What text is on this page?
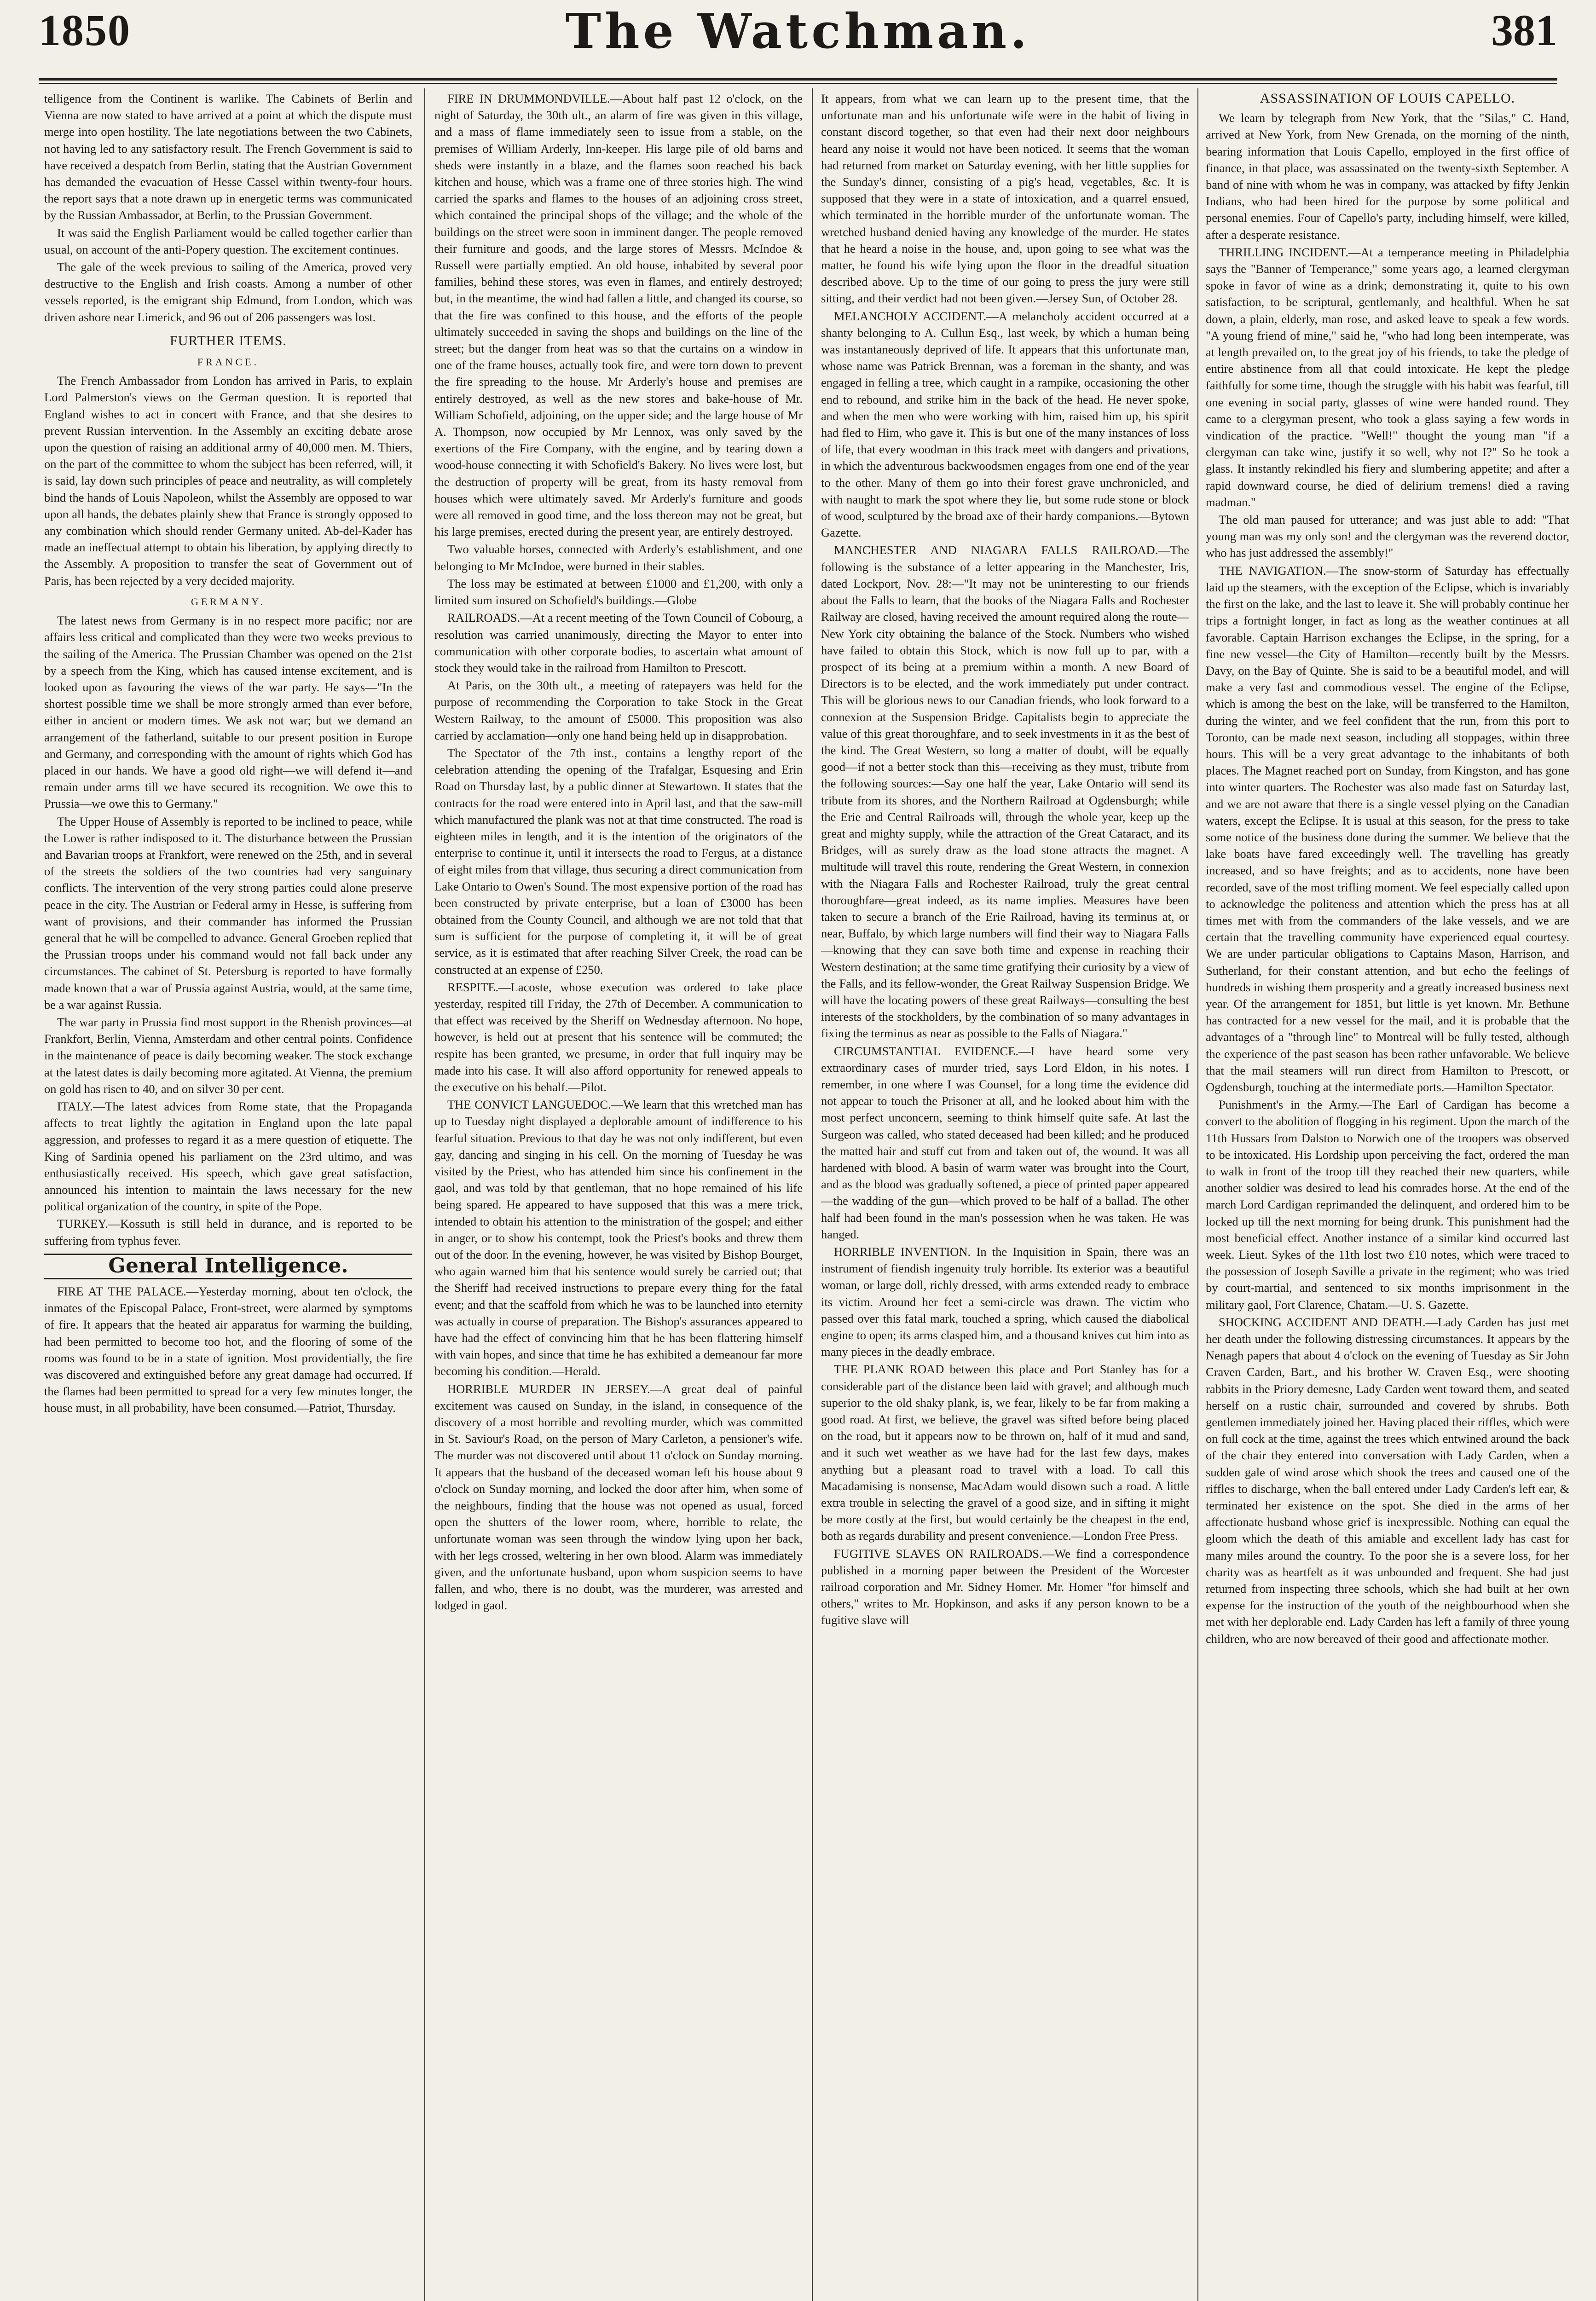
1850	The Watchman.	381

telligence from the Continent is warlike. The Cabinets of Berlin and Vienna are now stated to have arrived at a point at which the dispute must merge into open hostility. The late negotiations between the two Cabinets, not having led to any satisfactory result. The French Government is said to have received a despatch from Berlin, stating that the Austrian Government has demanded the evacuation of Hesse Cassel within twenty-four hours. the report says that a note drawn up in energetic terms was communicated by the Russian Ambassador, at Berlin, to the Prussian Government.

It was said the English Parliament would be called together earlier than usual, on account of the anti-Popery question. The excitement continues.

The gale of the week previous to sailing of the America, proved very destructive to the English and Irish coasts. Among a number of other vessels reported, is the emigrant ship Edmund, from London, which was driven ashore near Limerick, and 96 out of 206 passengers was lost.

FURTHER ITEMS.
FRANCE.

The French Ambassador from London has arrived in Paris, to explain Lord Palmerston's views on the German question. It is reported that England wishes to act in concert with France, and that she desires to prevent Russian intervention. In the Assembly an exciting debate arose upon the question of raising an additional army of 40,000 men. M. Thiers, on the part of the committee to whom the subject has been referred, will, it is said, lay down such principles of peace and neutrality, as will completely bind the hands of Louis Napoleon, whilst the Assembly are opposed to war upon all hands, the debates plainly shew that France is strongly opposed to any combination which should render Germany united. Ab-del-Kader has made an ineffectual attempt to obtain his liberation, by applying directly to the Assembly. A proposition to transfer the seat of Government out of Paris, has been rejected by a very decided majority.

GERMANY.

The latest news from Germany is in no respect more pacific; nor are affairs less critical and complicated than they were two weeks previous to the sailing of the America. The Prussian Chamber was opened on the 21st by a speech from the King, which has caused intense excitement, and is looked upon as favouring the views of the war party. He says—"In the shortest possible time we shall be more strongly armed than ever before, either in ancient or modern times. We ask not war; but we demand an arrangement of the fatherland, suitable to our present position in Europe and Germany, and corresponding with the amount of rights which God has placed in our hands. We have a good old right—we will defend it—and remain under arms till we have secured its recognition. We owe this to Prussia—we owe this to Germany."

The Upper House of Assembly is reported to be inclined to peace, while the Lower is rather indisposed to it. The disturbance between the Prussian and Bavarian troops at Frankfort, were renewed on the 25th, and in several of the streets the soldiers of the two countries had very sanguinary conflicts. The intervention of the very strong parties could alone preserve peace in the city. The Austrian or Federal army in Hesse, is suffering from want of provisions, and their commander has informed the Prussian general that he will be compelled to advance. General Groeben replied that the Prussian troops under his command would not fall back under any circumstances. The cabinet of St. Petersburg is reported to have formally made known that a war of Prussia against Austria, would, at the same time, be a war against Russia.

The war party in Prussia find most support in the Rhenish provinces—at Frankfort, Berlin, Vienna, Amsterdam and other central points. Confidence in the maintenance of peace is daily becoming weaker. The stock exchange at the latest dates is daily becoming more agitated. At Vienna, the premium on gold has risen to 40, and on silver 30 per cent.

ITALY.—The latest advices from Rome state, that the Propaganda affects to treat lightly the agitation in England upon the late papal aggression, and professes to regard it as a mere question of etiquette. The King of Sardinia opened his parliament on the 23rd ultimo, and was enthusiastically received. His speech, which gave great satisfaction, announced his intention to maintain the laws necessary for the new political organization of the country, in spite of the Pope.

TURKEY.—Kossuth is still held in durance, and is reported to be suffering from typhus fever.

General Intelligence.

FIRE AT THE PALACE.—Yesterday morning, about ten o'clock, the inmates of the Episcopal Palace, Front-street, were alarmed by symptoms of fire. It appears that the heated air apparatus for warming the building, had been permitted to become too hot, and the flooring of some of the rooms was found to be in a state of ignition. Most providentially, the fire was discovered and extinguished before any great damage had occurred. If the flames had been permitted to spread for a very few minutes longer, the house must, in all probability, have been consumed.—Patriot, Thursday.

FIRE IN DRUMMONDVILLE.—About half past 12 o'clock, on the night of Saturday, the 30th ult., an alarm of fire was given in this village, and a mass of flame immediately seen to issue from a stable, on the premises of William Arderly, Inn-keeper. His large pile of old barns and sheds were instantly in a blaze, and the flames soon reached his back kitchen and house, which was a frame one of three stories high. The wind carried the sparks and flames to the houses of an adjoining cross street, which contained the principal shops of the village; and the whole of the buildings on the street were soon in imminent danger. The people removed their furniture and goods, and the large stores of Messrs. McIndoe & Russell were partially emptied. An old house, inhabited by several poor families, behind these stores, was even in flames, and entirely destroyed; but, in the meantime, the wind had fallen a little, and changed its course, so that the fire was confined to this house, and the efforts of the people ultimately succeeded in saving the shops and buildings on the line of the street; but the danger from heat was so that the curtains on a window in one of the frame houses, actually took fire, and were torn down to prevent the fire spreading to the house. Mr Arderly's house and premises are entirely destroyed, as well as the new stores and bake-house of Mr. William Schofield, adjoining, on the upper side; and the large house of Mr A. Thompson, now occupied by Mr Lennox, was only saved by the exertions of the Fire Company, with the engine, and by tearing down a wood-house connecting it with Schofield's Bakery. No lives were lost, but the destruction of property will be great, from its hasty removal from houses which were ultimately saved. Mr Arderly's furniture and goods were all removed in good time, and the loss thereon may not be great, but his large premises, erected during the present year, are entirely destroyed.

Two valuable horses, connected with Arderly's establishment, and one belonging to Mr McIndoe, were burned in their stables.

The loss may be estimated at between £1000 and £1,200, with only a limited sum insured on Schofield's buildings.—Globe

RAILROADS.—At a recent meeting of the Town Council of Cobourg, a resolution was carried unanimously, directing the Mayor to enter into communication with other corporate bodies, to ascertain what amount of stock they would take in the railroad from Hamilton to Prescott.

At Paris, on the 30th ult., a meeting of ratepayers was held for the purpose of recommending the Corporation to take Stock in the Great Western Railway, to the amount of £5000. This proposition was also carried by acclamation—only one hand being held up in disapprobation.

The Spectator of the 7th inst., contains a lengthy report of the celebration attending the opening of the Trafalgar, Esquesing and Erin Road on Thursday last, by a public dinner at Stewartown. It states that the contracts for the road were entered into in April last, and that the saw-mill which manufactured the plank was not at that time constructed. The road is eighteen miles in length, and it is the intention of the originators of the enterprise to continue it, until it intersects the road to Fergus, at a distance of eight miles from that village, thus securing a direct communication from Lake Ontario to Owen's Sound. The most expensive portion of the road has been constructed by private enterprise, but a loan of £3000 has been obtained from the County Council, and although we are not told that that sum is sufficient for the purpose of completing it, it will be of great service, as it is estimated that after reaching Silver Creek, the road can be constructed at an expense of £250.

RESPITE.—Lacoste, whose execution was ordered to take place yesterday, respited till Friday, the 27th of December. A communication to that effect was received by the Sheriff on Wednesday afternoon. No hope, however, is held out at present that his sentence will be commuted; the respite has been granted, we presume, in order that full inquiry may be made into his case. It will also afford opportunity for renewed appeals to the executive on his behalf.—Pilot.

THE CONVICT LANGUEDOC.—We learn that this wretched man has up to Tuesday night displayed a deplorable amount of indifference to his fearful situation. Previous to that day he was not only indifferent, but even gay, dancing and singing in his cell. On the morning of Tuesday he was visited by the Priest, who has attended him since his confinement in the gaol, and was told by that gentleman, that no hope remained of his life being spared. He appeared to have supposed that this was a mere trick, intended to obtain his attention to the ministration of the gospel; and either in anger, or to show his contempt, took the Priest's books and threw them out of the door. In the evening, however, he was visited by Bishop Bourget, who again warned him that his sentence would surely be carried out; that the Sheriff had received instructions to prepare every thing for the fatal event; and that the scaffold from which he was to be launched into eternity was actually in course of preparation. The Bishop's assurances appeared to have had the effect of convincing him that he has been flattering himself with vain hopes, and since that time he has exhibited a demeanour far more becoming his condition.—Herald.

HORRIBLE MURDER IN JERSEY.—A great deal of painful excitement was caused on Sunday, in the island, in consequence of the discovery of a most horrible and revolting murder, which was committed in St. Saviour's Road, on the person of Mary Carleton, a pensioner's wife. The murder was not discovered until about 11 o'clock on Sunday morning. It appears that the husband of the deceased woman left his house about 9 o'clock on Sunday morning, and locked the door after him, when some of the neighbours, finding that the house was not opened as usual, forced open the shutters of the lower room, where, horrible to relate, the unfortunate woman was seen through the window lying upon her back, with her legs crossed, weltering in her own blood. Alarm was immediately given, and the unfortunate husband, upon whom suspicion seems to have fallen, and who, there is no doubt, was the murderer, was arrested and lodged in gaol.

It appears, from what we can learn up to the present time, that the unfortunate man and his unfortunate wife were in the habit of living in constant discord together, so that even had their next door neighbours heard any noise it would not have been noticed. It seems that the woman had returned from market on Saturday evening, with her little supplies for the Sunday's dinner, consisting of a pig's head, vegetables, &c. It is supposed that they were in a state of intoxication, and a quarrel ensued, which terminated in the horrible murder of the unfortunate woman. The wretched husband denied having any knowledge of the murder. He states that he heard a noise in the house, and, upon going to see what was the matter, he found his wife lying upon the floor in the dreadful situation described above. Up to the time of our going to press the jury were still sitting, and their verdict had not been given.—Jersey Sun, of October 28.

MELANCHOLY ACCIDENT.—A melancholy accident occurred at a shanty belonging to A. Cullun Esq., last week, by which a human being was instantaneously deprived of life. It appears that this unfortunate man, whose name was Patrick Brennan, was a foreman in the shanty, and was engaged in felling a tree, which caught in a rampike, occasioning the other end to rebound, and strike him in the back of the head. He never spoke, and when the men who were working with him, raised him up, his spirit had fled to Him, who gave it. This is but one of the many instances of loss of life, that every woodman in this track meet with dangers and privations, in which the adventurous backwoodsmen engages from one end of the year to the other. Many of them go into their forest grave unchronicled, and with naught to mark the spot where they lie, but some rude stone or block of wood, sculptured by the broad axe of their hardy companions.—Bytown Gazette.

MANCHESTER AND NIAGARA FALLS RAILROAD.—The following is the substance of a letter appearing in the Manchester, Iris, dated Lockport, Nov. 28:—"It may not be uninteresting to our friends about the Falls to learn, that the books of the Niagara Falls and Rochester Railway are closed, having received the amount required along the route—New York city obtaining the balance of the Stock. Numbers who wished have failed to obtain this Stock, which is now full up to par, with a prospect of its being at a premium within a month. A new Board of Directors is to be elected, and the work immediately put under contract. This will be glorious news to our Canadian friends, who look forward to a connexion at the Suspension Bridge. Capitalists begin to appreciate the value of this great thoroughfare, and to seek investments in it as the best of the kind. The Great Western, so long a matter of doubt, will be equally good—if not a better stock than this—receiving as they must, tribute from the following sources:—Say one half the year, Lake Ontario will send its tribute from its shores, and the Northern Railroad at Ogdensburgh; while the Erie and Central Railroads will, through the whole year, keep up the great and mighty supply, while the attraction of the Great Cataract, and its Bridges, will as surely draw as the load stone attracts the magnet. A multitude will travel this route, rendering the Great Western, in connexion with the Niagara Falls and Rochester Railroad, truly the great central thoroughfare—great indeed, as its name implies. Measures have been taken to secure a branch of the Erie Railroad, having its terminus at, or near, Buffalo, by which large numbers will find their way to Niagara Falls—knowing that they can save both time and expense in reaching their Western destination; at the same time gratifying their curiosity by a view of the Falls, and its fellow-wonder, the Great Railway Suspension Bridge. We will have the locating powers of these great Railways—consulting the best interests of the stockholders, by the combination of so many advantages in fixing the terminus as near as possible to the Falls of Niagara."

CIRCUMSTANTIAL EVIDENCE.—I have heard some very extraordinary cases of murder tried, says Lord Eldon, in his notes. I remember, in one where I was Counsel, for a long time the evidence did not appear to touch the Prisoner at all, and he looked about him with the most perfect unconcern, seeming to think himself quite safe. At last the Surgeon was called, who stated deceased had been killed; and he produced the matted hair and stuff cut from and taken out of, the wound. It was all hardened with blood. A basin of warm water was brought into the Court, and as the blood was gradually softened, a piece of printed paper appeared—the wadding of the gun—which proved to be half of a ballad. The other half had been found in the man's possession when he was taken. He was hanged.

HORRIBLE INVENTION. In the Inquisition in Spain, there was an instrument of fiendish ingenuity truly horrible. Its exterior was a beautiful woman, or large doll, richly dressed, with arms extended ready to embrace its victim. Around her feet a semi-circle was drawn. The victim who passed over this fatal mark, touched a spring, which caused the diabolical engine to open; its arms clasped him, and a thousand knives cut him into as many pieces in the deadly embrace.

THE PLANK ROAD between this place and Port Stanley has for a considerable part of the distance been laid with gravel; and although much superior to the old shaky plank, is, we fear, likely to be far from making a good road. At first, we believe, the gravel was sifted before being placed on the road, but it appears now to be thrown on, half of it mud and sand, and it such wet weather as we have had for the last few days, makes anything but a pleasant road to travel with a load. To call this Macadamising is nonsense, MacAdam would disown such a road. A little extra trouble in selecting the gravel of a good size, and in sifting it might be more costly at the first, but would certainly be the cheapest in the end, both as regards durability and present convenience.—London Free Press.

FUGITIVE SLAVES ON RAILROADS.—We find a correspondence published in a morning paper between the President of the Worcester railroad corporation and Mr. Sidney Homer. Mr. Homer "for himself and others," writes to Mr. Hopkinson, and asks if any person known to be a fugitive slave will

ASSASSINATION OF LOUIS CAPELLO.

We learn by telegraph from New York, that the "Silas," C. Hand, arrived at New York, from New Grenada, on the morning of the ninth, bearing information that Louis Capello, employed in the first office of finance, in that place, was assassinated on the twenty-sixth September. A band of nine with whom he was in company, was attacked by fifty Jenkin Indians, who had been hired for the purpose by some political and personal enemies. Four of Capello's party, including himself, were killed, after a desperate resistance.

THRILLING INCIDENT.—At a temperance meeting in Philadelphia says the "Banner of Temperance," some years ago, a learned clergyman spoke in favor of wine as a drink; demonstrating it, quite to his own satisfaction, to be scriptural, gentlemanly, and healthful. When he sat down, a plain, elderly, man rose, and asked leave to speak a few words. "A young friend of mine," said he, "who had long been intemperate, was at length prevailed on, to the great joy of his friends, to take the pledge of entire abstinence from all that could intoxicate. He kept the pledge faithfully for some time, though the struggle with his habit was fearful, till one evening in social party, glasses of wine were handed round. They came to a clergyman present, who took a glass saying a few words in vindication of the practice. "Well!" thought the young man "if a clergyman can take wine, justify it so well, why not I?" So he took a glass. It instantly rekindled his fiery and slumbering appetite; and after a rapid downward course, he died of delirium tremens! died a raving madman."

The old man paused for utterance; and was just able to add: "That young man was my only son! and the clergyman was the reverend doctor, who has just addressed the assembly!"

THE NAVIGATION.—The snow-storm of Saturday has effectually laid up the steamers, with the exception of the Eclipse, which is invariably the first on the lake, and the last to leave it. She will probably continue her trips a fortnight longer, in fact as long as the weather continues at all favorable. Captain Harrison exchanges the Eclipse, in the spring, for a fine new vessel—the City of Hamilton—recently built by the Messrs. Davy, on the Bay of Quinte. She is said to be a beautiful model, and will make a very fast and commodious vessel. The engine of the Eclipse, which is among the best on the lake, will be transferred to the Hamilton, during the winter, and we feel confident that the run, from this port to Toronto, can be made next season, including all stoppages, within three hours. This will be a very great advantage to the inhabitants of both places. The Magnet reached port on Sunday, from Kingston, and has gone into winter quarters. The Rochester was also made fast on Saturday last, and we are not aware that there is a single vessel plying on the Canadian waters, except the Eclipse. It is usual at this season, for the press to take some notice of the business done during the summer. We believe that the lake boats have fared exceedingly well. The travelling has greatly increased, and so have freights; and as to accidents, none have been recorded, save of the most trifling moment. We feel especially called upon to acknowledge the politeness and attention which the press has at all times met with from the commanders of the lake vessels, and we are certain that the travelling community have experienced equal courtesy. We are under particular obligations to Captains Mason, Harrison, and Sutherland, for their constant attention, and but echo the feelings of hundreds in wishing them prosperity and a greatly increased business next year. Of the arrangement for 1851, but little is yet known. Mr. Bethune has contracted for a new vessel for the mail, and it is probable that the advantages of a "through line" to Montreal will be fully tested, although the experience of the past season has been rather unfavorable. We believe that the mail steamers will run direct from Hamilton to Prescott, or Ogdensburgh, touching at the intermediate ports.—Hamilton Spectator.

Punishment's in the Army.—The Earl of Cardigan has become a convert to the abolition of flogging in his regiment. Upon the march of the 11th Hussars from Dalston to Norwich one of the troopers was observed to be intoxicated. His Lordship upon perceiving the fact, ordered the man to walk in front of the troop till they reached their new quarters, while another soldier was desired to lead his comrades horse. At the end of the march Lord Cardigan reprimanded the delinquent, and ordered him to be locked up till the next morning for being drunk. This punishment had the most beneficial effect. Another instance of a similar kind occurred last week. Lieut. Sykes of the 11th lost two £10 notes, which were traced to the possession of Joseph Saville a private in the regiment; who was tried by court-martial, and sentenced to six months imprisonment in the military gaol, Fort Clarence, Chatam.—U. S. Gazette.

SHOCKING ACCIDENT AND DEATH.—Lady Carden has just met her death under the following distressing circumstances. It appears by the Nenagh papers that about 4 o'clock on the evening of Tuesday as Sir John Craven Carden, Bart., and his brother W. Craven Esq., were shooting rabbits in the Priory demesne, Lady Carden went toward them, and seated herself on a rustic chair, surrounded and covered by shrubs. Both gentlemen immediately joined her. Having placed their riffles, which were on full cock at the time, against the trees which entwined around the back of the chair they entered into conversation with Lady Carden, when a sudden gale of wind arose which shook the trees and caused one of the riffles to discharge, when the ball entered under Lady Carden's left ear, & terminated her existence on the spot. She died in the arms of her affectionate husband whose grief is inexpressible. Nothing can equal the gloom which the death of this amiable and excellent lady has cast for many miles around the country. To the poor she is a severe loss, for her charity was as heartfelt as it was unbounded and frequent. She had just returned from inspecting three schools, which she had built at her own expense for the instruction of the youth of the neighbourhood when she met with her deplorable end. Lady Carden has left a family of three young children, who are now bereaved of their good and affectionate mother.
